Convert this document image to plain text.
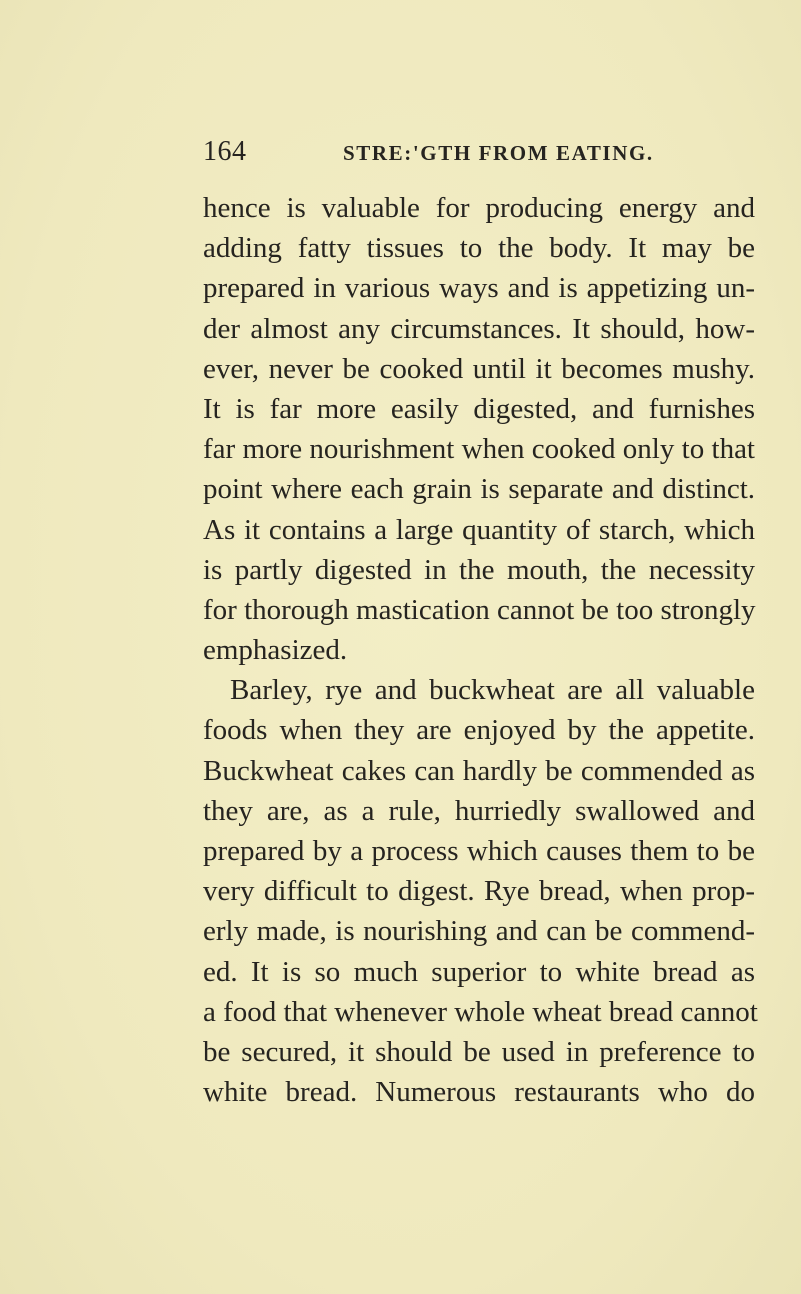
164	STRE:'GTH FROM EATING.
hence is valuable for producing energy and
adding fatty tissues to the body. It may be
prepared in various ways and is appetizing un-
der almost any circumstances. It should, how-
ever, never be cooked until it becomes mushy.
It is far more easily digested, and furnishes
far more nourishment when cooked only to that
point where each grain is separate and distinct.
As it contains a large quantity of starch, which
is partly digested in the mouth, the necessity
for thorough mastication cannot be too strongly
emphasized.
Barley, rye and buckwheat are all valuable
foods when they are enjoyed by the appetite.
Buckwheat cakes can hardly be commended as
they are, as a rule, hurriedly swallowed and
prepared by a process which causes them to be
very difficult to digest. Rye bread, when prop-
erly made, is nourishing and can be commend-
ed. It is so much superior to white bread as
a food that whenever whole wheat bread cannot
be secured, it should be used in preference to
white bread. Numerous restaurants who do
